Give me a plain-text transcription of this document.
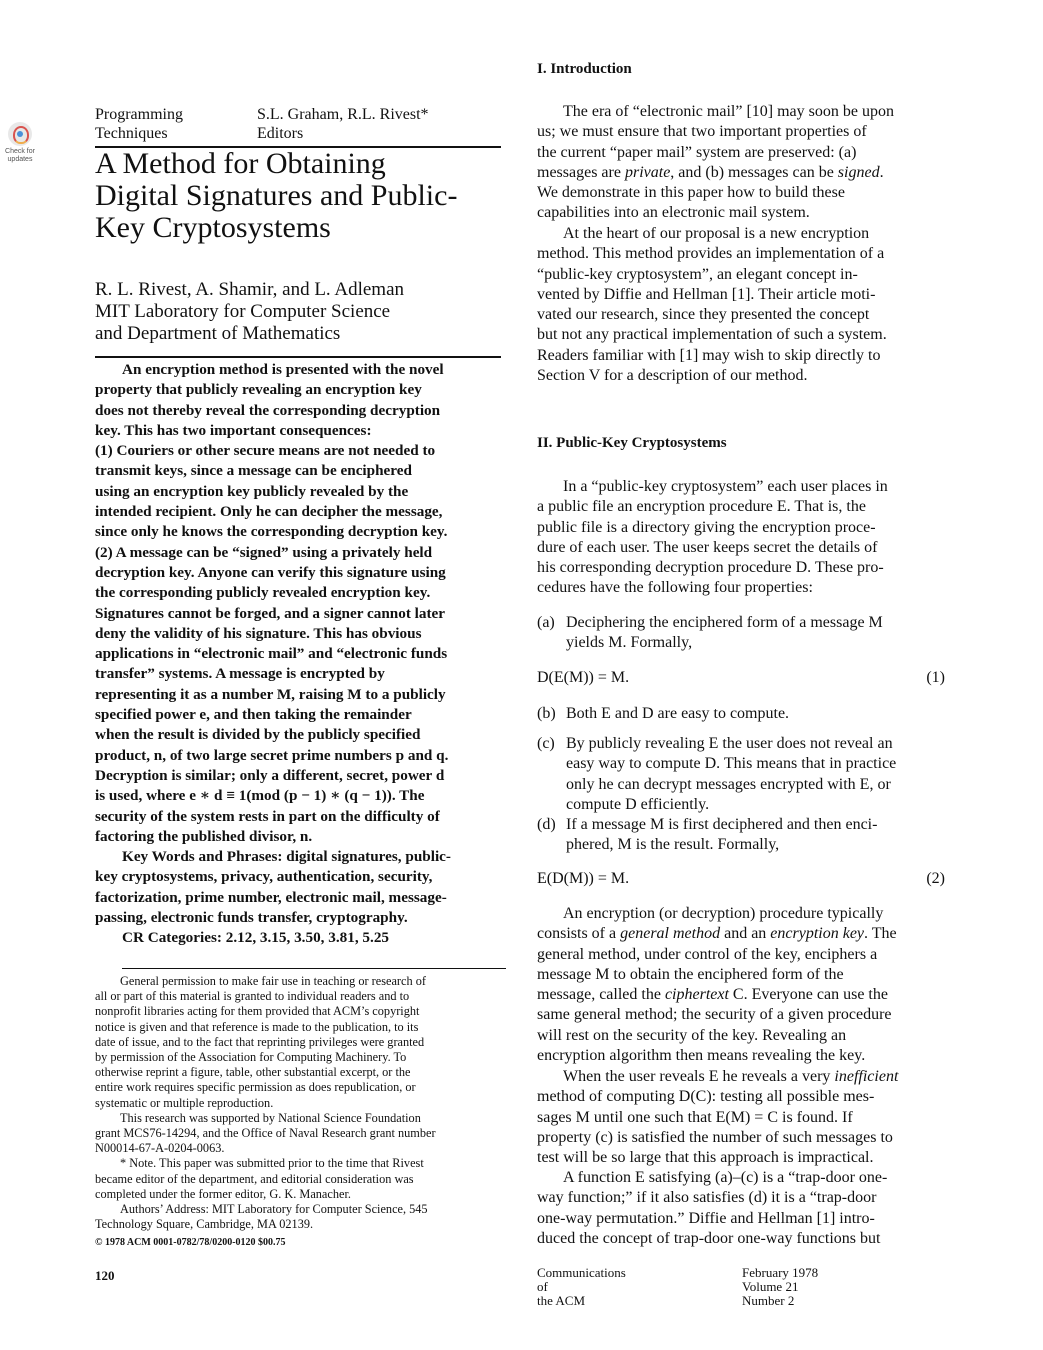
Check for
updates
Programming
Techniques
S.L. Graham, R.L. Rivest*
Editors
A Method for Obtaining
Digital Signatures and Public-
Key Cryptosystems
R. L. Rivest, A. Shamir, and L. Adleman
MIT Laboratory for Computer Science
and Department of Mathematics
An encryption method is presented with the novel
property that publicly revealing an encryption key
does not thereby reveal the corresponding decryption
key. This has two important consequences:
(1) Couriers or other secure means are not needed to
transmit keys, since a message can be enciphered
using an encryption key publicly revealed by the
intended recipient. Only he can decipher the message,
since only he knows the corresponding decryption key.
(2) A message can be “signed” using a privately held
decryption key. Anyone can verify this signature using
the corresponding publicly revealed encryption key.
Signatures cannot be forged, and a signer cannot later
deny the validity of his signature. This has obvious
applications in “electronic mail” and “electronic funds
transfer” systems. A message is encrypted by
representing it as a number M, raising M to a publicly
specified power e, and then taking the remainder
when the result is divided by the publicly specified
product, n, of two large secret prime numbers p and q.
Decryption is similar; only a different, secret, power d
is used, where e ∗ d ≡ 1(mod (p − 1) ∗ (q − 1)). The
security of the system rests in part on the difficulty of
factoring the published divisor, n.
Key Words and Phrases: digital signatures, public-
key cryptosystems, privacy, authentication, security,
factorization, prime number, electronic mail, message-
passing, electronic funds transfer, cryptography.
CR Categories: 2.12, 3.15, 3.50, 3.81, 5.25
General permission to make fair use in teaching or research of
all or part of this material is granted to individual readers and to
nonprofit libraries acting for them provided that ACM’s copyright
notice is given and that reference is made to the publication, to its
date of issue, and to the fact that reprinting privileges were granted
by permission of the Association for Computing Machinery. To
otherwise reprint a figure, table, other substantial excerpt, or the
entire work requires specific permission as does republication, or
systematic or multiple reproduction.
This research was supported by National Science Foundation
grant MCS76-14294, and the Office of Naval Research grant number
N00014-67-A-0204-0063.
* Note. This paper was submitted prior to the time that Rivest
became editor of the department, and editorial consideration was
completed under the former editor, G. K. Manacher.
Authors’ Address: MIT Laboratory for Computer Science, 545
Technology Square, Cambridge, MA 02139.
© 1978 ACM 0001-0782/78/0200-0120 $00.75
120	Communications
of
the ACM
February 1978
Volume 21
Number 2
I. Introduction
The era of “electronic mail” [10] may soon be upon
us; we must ensure that two important properties of
the current “paper mail” system are preserved: (a)
messages are private, and (b) messages can be signed.
We demonstrate in this paper how to build these
capabilities into an electronic mail system.
At the heart of our proposal is a new encryption
method. This method provides an implementation of a
“public-key cryptosystem”, an elegant concept in-
vented by Diffie and Hellman [1]. Their article moti-
vated our research, since they presented the concept
but not any practical implementation of such a system.
Readers familiar with [1] may wish to skip directly to
Section V for a description of our method.
II. Public-Key Cryptosystems
In a “public-key cryptosystem” each user places in
a public file an encryption procedure E. That is, the
public file is a directory giving the encryption proce-
dure of each user. The user keeps secret the details of
his corresponding decryption procedure D. These pro-
cedures have the following four properties:
(a) Deciphering the enciphered form of a message M
yields M. Formally,
D(E(M)) = M.	(1)
(b) Both E and D are easy to compute.
(c) By publicly revealing E the user does not reveal an
easy way to compute D. This means that in practice
only he can decrypt messages encrypted with E, or
compute D efficiently.
(d) If a message M is first deciphered and then enci-
phered, M is the result. Formally,
E(D(M)) = M.	(2)
An encryption (or decryption) procedure typically
consists of a general method and an encryption key. The
general method, under control of the key, enciphers a
message M to obtain the enciphered form of the
message, called the ciphertext C. Everyone can use the
same general method; the security of a given procedure
will rest on the security of the key. Revealing an
encryption algorithm then means revealing the key.
When the user reveals E he reveals a very inefficient
method of computing D(C): testing all possible mes-
sages M until one such that E(M) = C is found. If
property (c) is satisfied the number of such messages to
test will be so large that this approach is impractical.
A function E satisfying (a)–(c) is a “trap-door one-
way function;” if it also satisfies (d) it is a “trap-door
one-way permutation.” Diffie and Hellman [1] intro-
duced the concept of trap-door one-way functions but
